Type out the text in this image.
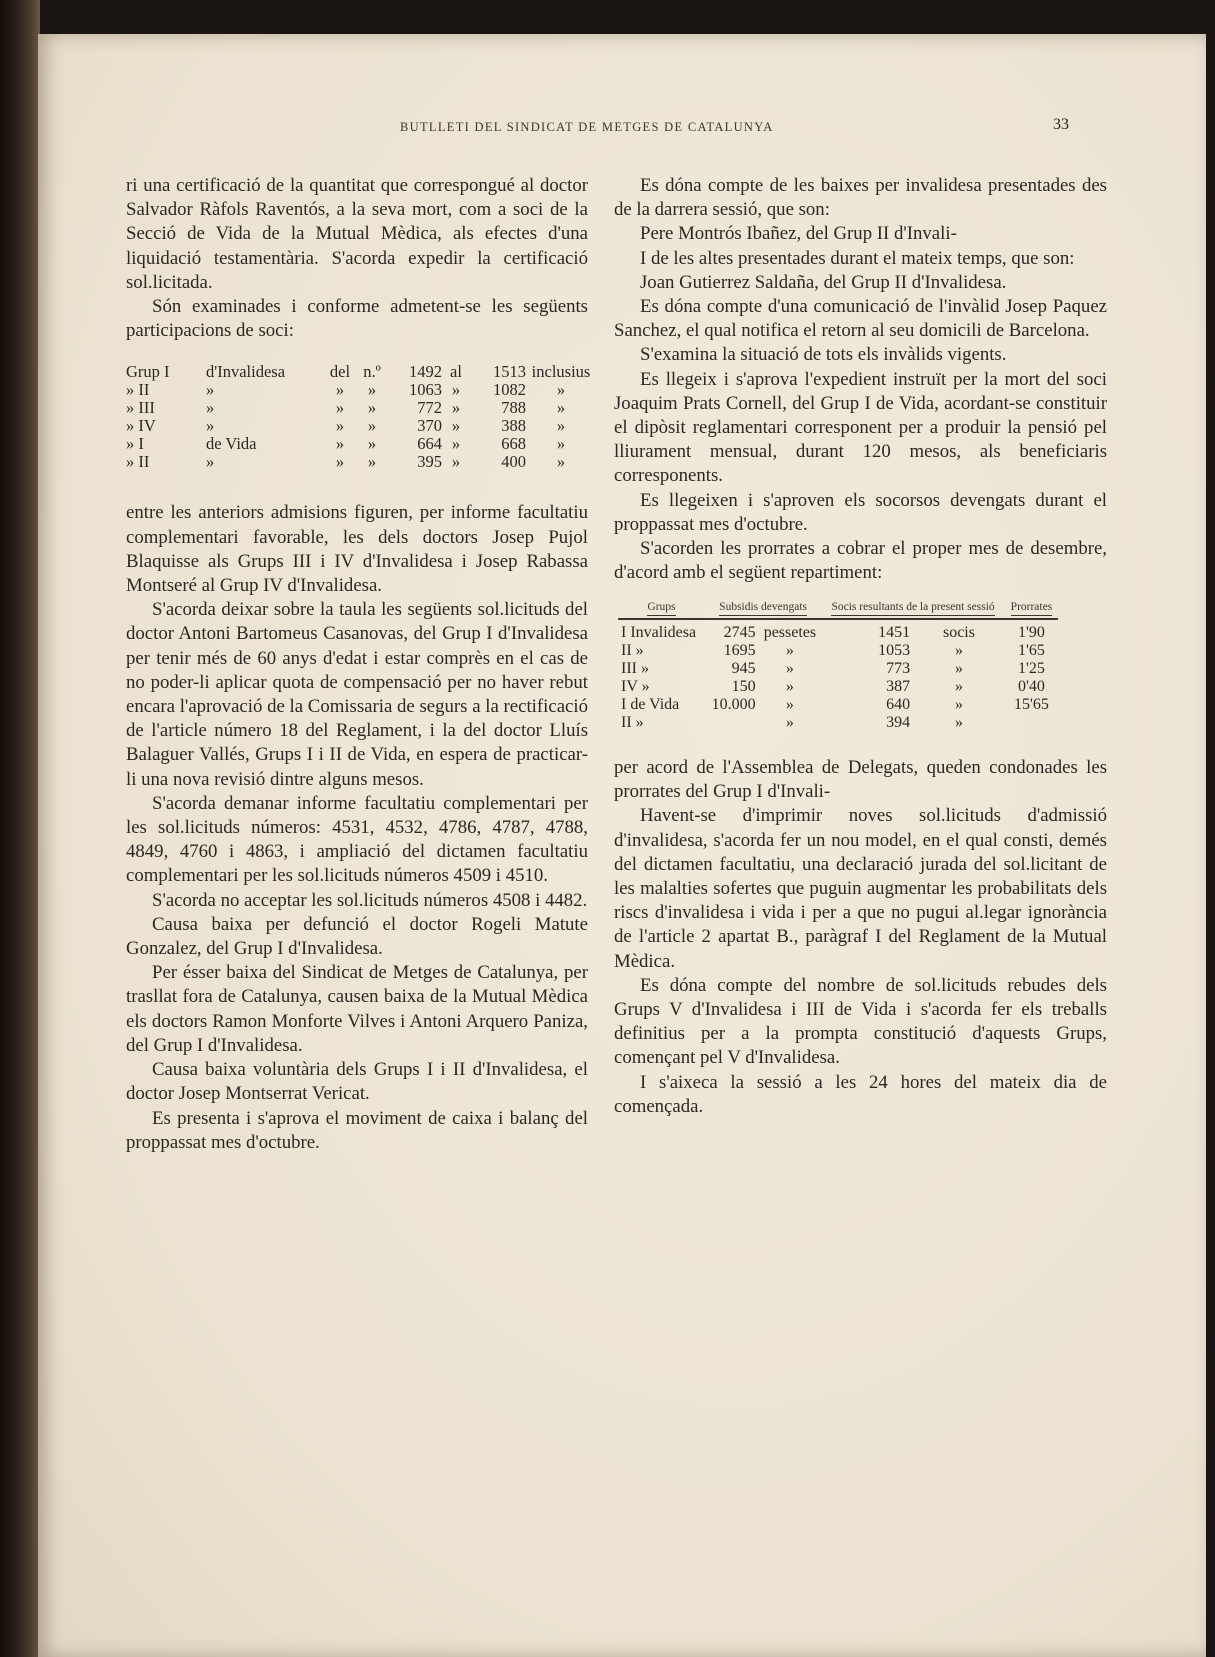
BUTLLETI DEL SINDICAT DE METGES DE CATALUNYA	33

ri una certificació de la quantitat que correspongué al doctor Salvador Ràfols Raventós, a la seva mort, com a soci de la Secció de Vida de la Mutual Mèdica, als efectes d'una liquidació testamentària. S'acorda expedir la certificació sol.licitada.

Són examinades i conforme admetent-se les següents participacions de soci:

Grup I	d'Invalidesa	del	n.º	1492	al	1513	inclusius
» II	»	»	»	1063	»	1082	»
» III	»	»	»	772	»	788	»
» IV	»	»	»	370	»	388	»
» I	de Vida	»	»	664	»	668	»
» II	»	»	»	395	»	400	»

entre les anteriors admisions figuren, per informe facultatiu complementari favorable, les dels doctors Josep Pujol Blaquisse als Grups III i IV d'Invalidesa i Josep Rabassa Montseré al Grup IV d'Invalidesa.

S'acorda deixar sobre la taula les següents sol.licituds del doctor Antoni Bartomeus Casanovas, del Grup I d'Invalidesa per tenir més de 60 anys d'edat i estar comprès en el cas de no poder-li aplicar quota de compensació per no haver rebut encara l'aprovació de la Comissaria de segurs a la rectificació de l'article número 18 del Reglament, i la del doctor Lluís Balaguer Vallés, Grups I i II de Vida, en espera de practicar-li una nova revisió dintre alguns mesos.

S'acorda demanar informe facultatiu complementari per les sol.licituds números: 4531, 4532, 4786, 4787, 4788, 4849, 4760 i 4863, i ampliació del dictamen facultatiu complementari per les sol.licituds números 4509 i 4510.

S'acorda no acceptar les sol.licituds números 4508 i 4482.

Causa baixa per defunció el doctor Rogeli Matute Gonzalez, del Grup I d'Invalidesa.

Per ésser baixa del Sindicat de Metges de Catalunya, per trasllat fora de Catalunya, causen baixa de la Mutual Mèdica els doctors Ramon Monforte Vilves i Antoni Arquero Paniza, del Grup I d'Invalidesa.

Causa baixa voluntària dels Grups I i II d'Invalidesa, el doctor Josep Montserrat Vericat.

Es presenta i s'aprova el moviment de caixa i balanç del proppassat mes d'octubre.

Es dóna compte de les baixes per invalidesa presentades des de la darrera sessió, que son:

Pere Montrós Ibañez, del Grup II d'Invali-

I de les altes presentades durant el mateix temps, que son:

Joan Gutierrez Saldaña, del Grup II d'Invalidesa.

Es dóna compte d'una comunicació de l'invàlid Josep Paquez Sanchez, el qual notifica el retorn al seu domicili de Barcelona.

S'examina la situació de tots els invàlids vigents.

Es llegeix i s'aprova l'expedient instruït per la mort del soci Joaquim Prats Cornell, del Grup I de Vida, acordant-se constituir el dipòsit reglamentari corresponent per a produir la pensió pel lliurament mensual, durant 120 mesos, als beneficiaris corresponents.

Es llegeixen i s'aproven els socorsos devengats durant el proppassat mes d'octubre.

S'acorden les prorrates a cobrar el proper mes de desembre, d'acord amb el següent repartiment:

Grups	Subsidis devengats		Socis resultants de la present sessió		Prorrates

I Invalidesa	2745	pessetes	1451	socis	1'90
II »	1695	»	1053	»	1'65
III »	945	»	773	»	1'25
IV »	150	»	387	»	0'40
I de Vida	10.000	»	640	»	15'65
II »		»	394	»	

per acord de l'Assemblea de Delegats, queden condonades les prorrates del Grup I d'Invali-

Havent-se d'imprimir noves sol.licituds d'admissió d'invalidesa, s'acorda fer un nou model, en el qual consti, demés del dictamen facultatiu, una declaració jurada del sol.licitant de les malalties sofertes que puguin augmentar les probabilitats dels riscs d'invalidesa i vida i per a que no pugui al.legar ignorància de l'article 2 apartat B., paràgraf I del Reglament de la Mutual Mèdica.

Es dóna compte del nombre de sol.licituds rebudes dels Grups V d'Invalidesa i III de Vida i s'acorda fer els treballs definitius per a la prompta constitució d'aquests Grups, començant pel V d'Invalidesa.

I s'aixeca la sessió a les 24 hores del mateix dia de començada.
